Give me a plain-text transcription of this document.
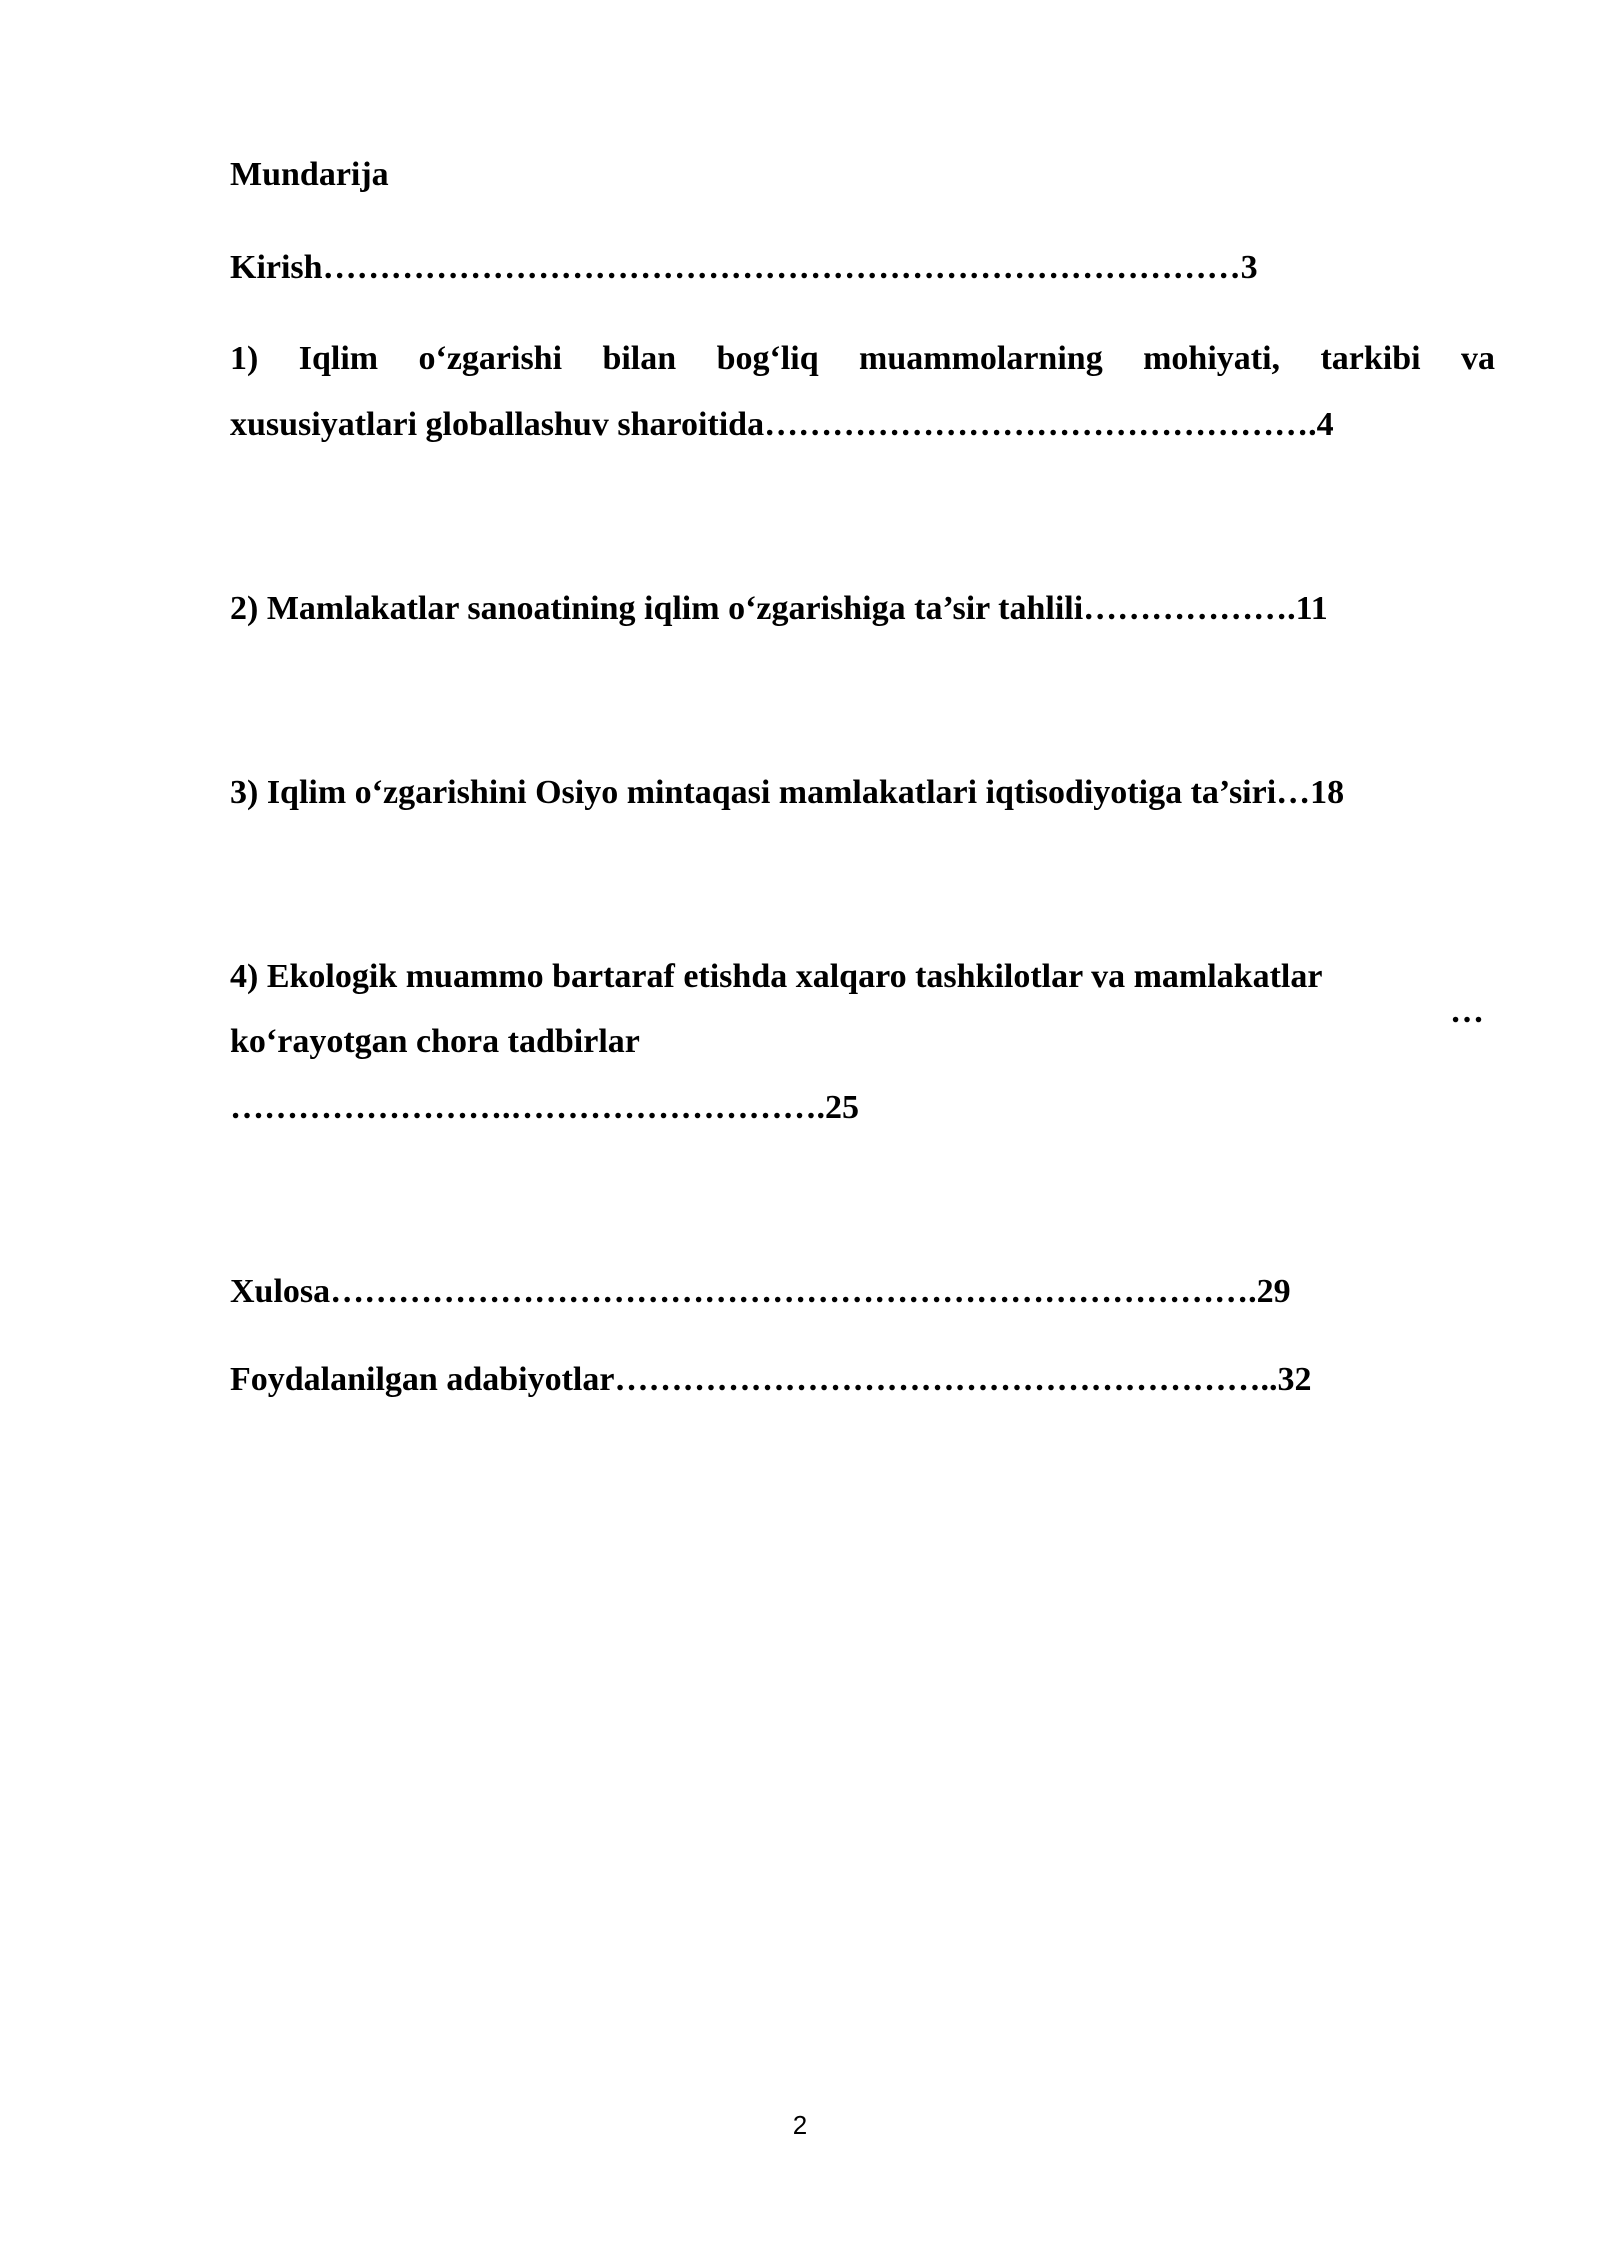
Mundarija
Kirish………………………………………………………………………3
1) Iqlim o‘zgarishi bilan bog‘liq muammolarning mohiyati, tarkibi va
xususiyatlari globallashuv sharoitida………………………………………….4
2) Mamlakatlar sanoatining iqlim o‘zgarishiga ta’sir tahlili……………….11
3) Iqlim o‘zgarishini Osiyo mintaqasi mamlakatlari iqtisodiyotiga ta’siri…18
4) Ekologik muammo bartaraf etishda xalqaro tashkilotlar va mamlakatlar
…
ko‘rayotgan chora tadbirlar
…………………….……………………….25
Xulosa……………………………………………………………………….29
Foydalanilgan adabiyotlar…………………………………………………..32
2
